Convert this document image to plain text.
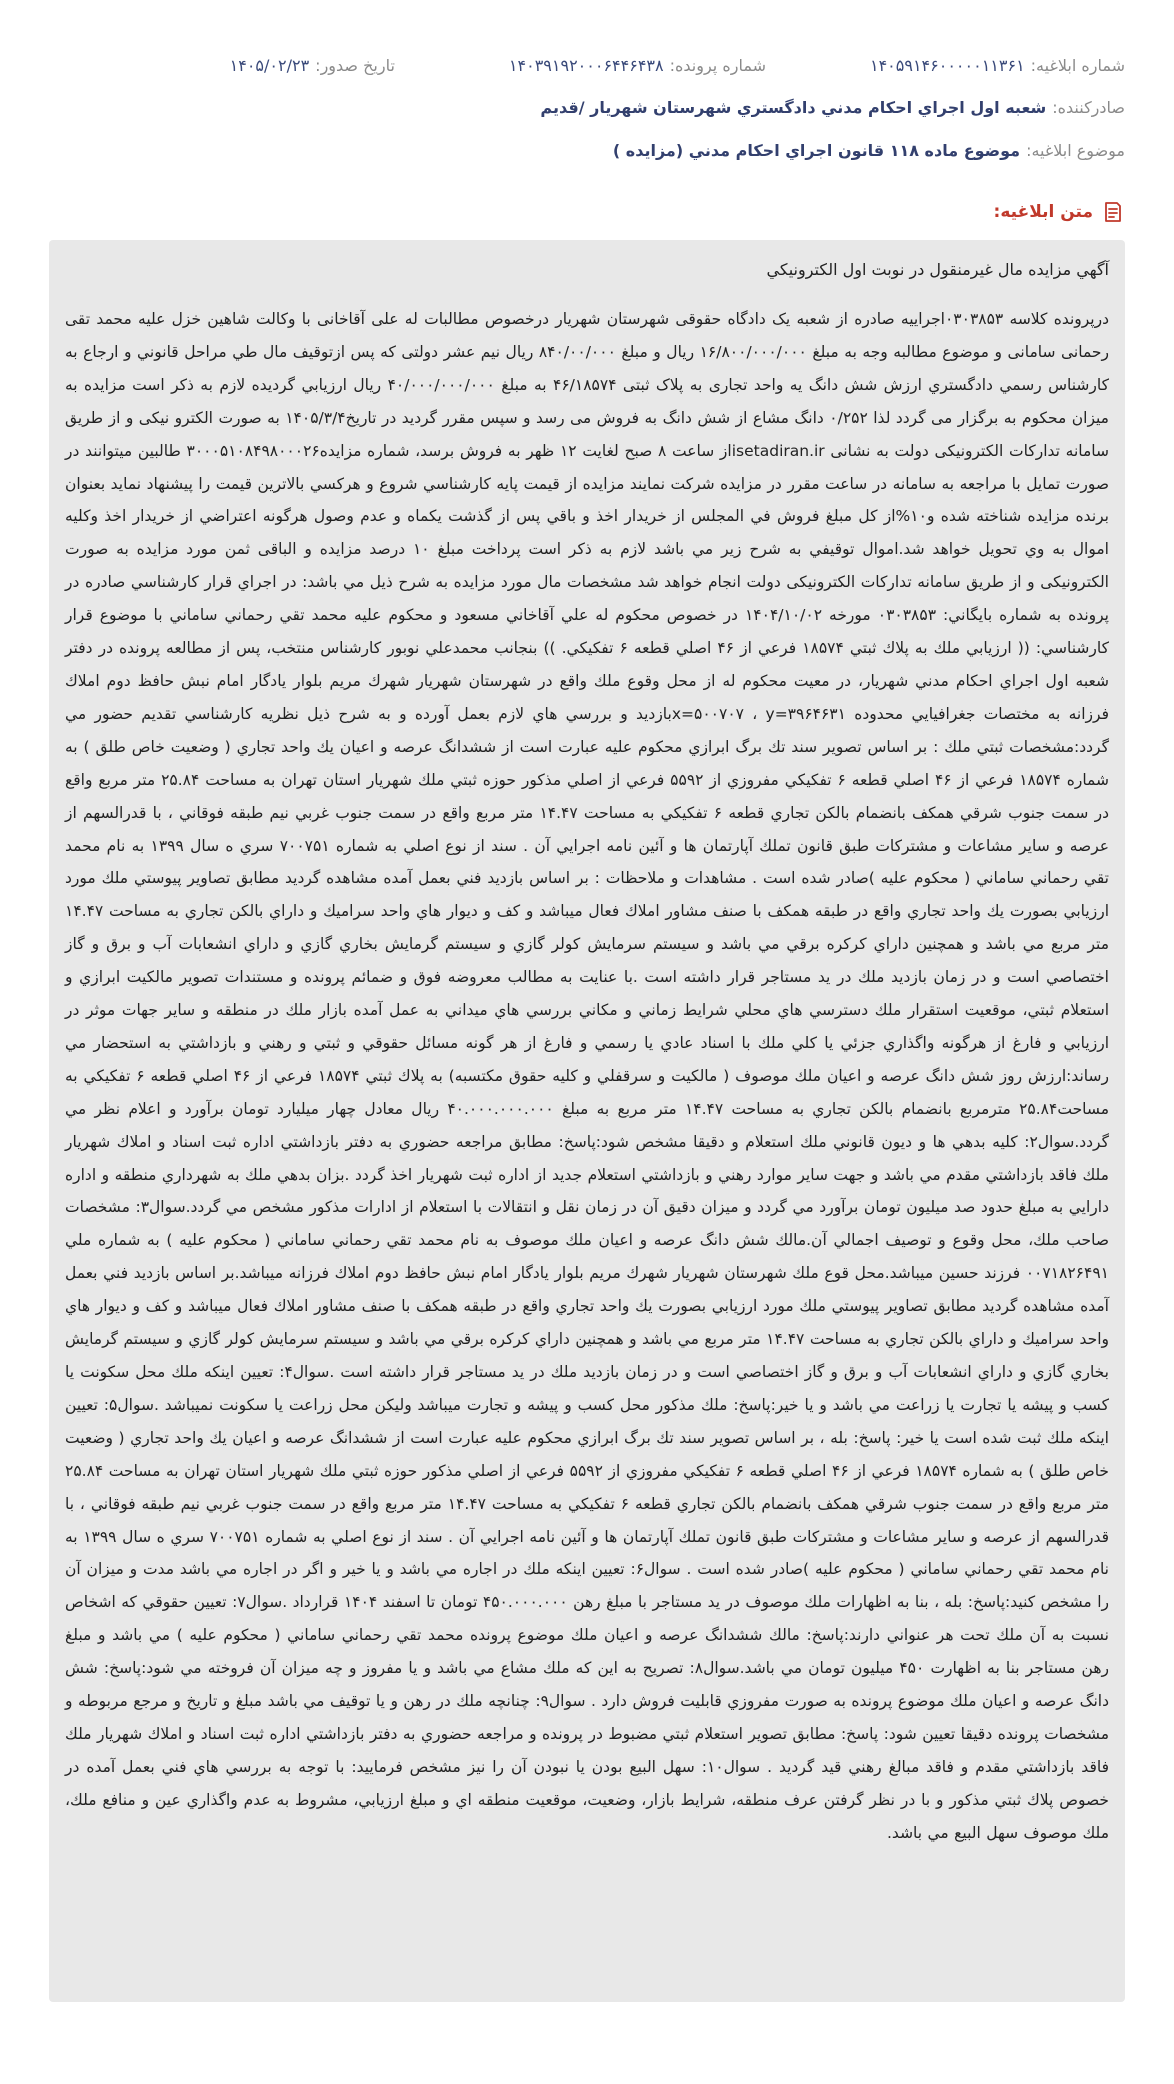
شماره ابلاغیه:
۱۴۰۵۹۱۴۶۰۰۰۰۰۱۱۳۶۱
شماره پرونده:
۱۴۰۳۹۱۹۲۰۰۰۶۴۴۶۴۳۸
تاریخ صدور:
۱۴۰۵/۰۲/۲۳
صادرکننده:
شعبه اول اجراي احكام مدني دادگستري شهرستان شهريار /قديم
موضوع ابلاغیه:
موضوع ماده ۱۱۸ قانون اجراي احكام مدني (مزايده )
متن ابلاغیه:
آگهي مزايده مال غيرمنقول در نوبت اول الكترونيكي
درپرونده كلاسه ۰۳۰۳۸۵۳اجراییه صادره از شعبه یک دادگاه حقوقی شهرستان شهریار درخصوص مطالبات له علی آقاخانی با وکالت شاهین خزل علیه محمد تقی رحمانی سامانی و موضوع مطالبه وجه به مبلغ ۱۶/۸۰۰/۰۰۰/۰۰۰ ریال و مبلغ ۸۴۰/۰۰/۰۰۰ ریال نیم عشر دولتی که پس ازتوقیف مال طي مراحل قانوني و ارجاع به كارشناس رسمي دادگستري ارزش شش دانگ یه واحد تجاری به پلاک ثبتی ۴۶/۱۸۵۷۴ به مبلغ ۴۰/۰۰۰/۰۰۰/۰۰۰ ریال ارزيابي گرديده لازم به ذكر است مزايده به ميزان محكوم به برگزار می گردد لذا ۰/۲۵۲ دانگ مشاع از شش دانگ به فروش می رسد و سپس مقرر گردید در تاریخ۱۴۰۵/۳/۴ به صورت الکترو نیکی و از طریق سامانه تدارکات الکترونیکی دولت به نشانی isetadiran.irاز ساعت ۸ صبح لغایت ۱۲ ظهر به فروش برسد، شماره مزایده۳۰۰۰۵۱۰۸۴۹۸۰۰۰۲۶ طالبین میتوانند در صورت تمایل با مراجعه به سامانه در ساعت مقرر در مزایده شرکت نمایند مزايده از قيمت پايه كارشناسي شروع و هركسي بالاترين قيمت را پيشنهاد نمايد بعنوان برنده مزايده شناخته شده و۱۰%از كل مبلغ فروش في المجلس از خريدار اخذ و باقي پس از گذشت يكماه و عدم وصول هرگونه اعتراضي از خريدار اخذ وكليه اموال به وي تحويل خواهد شد.اموال توقيفي به شرح زير مي باشد لازم به ذکر است پرداخت مبلغ ۱۰ درصد مزایده و الباقی ثمن مورد مزایده به صورت الکترونیکی و از طریق سامانه تدارکات الکترونیکی دولت انجام خواهد شد مشخصات مال مورد مزايده به شرح ذيل مي باشد: در اجراي قرار كارشناسي صادره در پرونده به شماره بايگاني: ۰۳۰۳۸۵۳ مورخه ۱۴۰۴/۱۰/۰۲ در خصوص محكوم له علي آقاخاني مسعود و محكوم عليه محمد تقي رحماني ساماني با موضوع قرار كارشناسي: (( ارزيابي ملك به پلاك ثبتي ۱۸۵۷۴ فرعي از ۴۶ اصلي قطعه ۶ تفكيكي. )) بنجانب محمدعلي نوبور كارشناس منتخب، پس از مطالعه پرونده در دفتر شعبه اول اجراي احكام مدني شهريار، در معيت محكوم له از محل وقوع ملك واقع در شهرستان شهريار شهرك مريم بلوار يادگار امام نبش حافظ دوم املاك فرزانه به مختصات جغرافيايي محدوده x=۵۰۰۷۰۷ ، y=۳۹۶۴۶۳۱بازديد و بررسي هاي لازم بعمل آورده و به شرح ذيل نظريه كارشناسي تقديم حضور مي گردد:مشخصات ثبتي ملك : بر اساس تصوير سند تك برگ ابرازي محكوم عليه عبارت است از ششدانگ عرصه و اعيان يك واحد تجاري ( وضعيت خاص طلق ) به شماره ۱۸۵۷۴ فرعي از ۴۶ اصلي قطعه ۶ تفكيكي مفروزي از ۵۵۹۲ فرعي از اصلي مذكور حوزه ثبتي ملك شهريار استان تهران به مساحت ۲۵.۸۴ متر مربع واقع در سمت جنوب شرقي همكف بانضمام بالكن تجاري قطعه ۶ تفكيكي به مساحت ۱۴.۴۷ متر مربع واقع در سمت جنوب غربي نيم طبقه فوقاني ، با قدرالسهم از عرصه و ساير مشاعات و مشتركات طبق قانون تملك آپارتمان ها و آئين نامه اجرايي آن . سند از نوع اصلي به شماره ۷۰۰۷۵۱ سري ه سال ۱۳۹۹ به نام محمد تقي رحماني ساماني ( محكوم عليه )صادر شده است . مشاهدات و ملاحظات : بر اساس بازديد فني بعمل آمده مشاهده گرديد مطابق تصاوير پيوستي ملك مورد ارزيابي بصورت يك واحد تجاري واقع در طبقه همكف با صنف مشاور املاك فعال ميباشد و كف و ديوار هاي واحد سراميك و داراي بالكن تجاري به مساحت ۱۴.۴۷ متر مربع مي باشد و همچنين داراي كركره برقي مي باشد و سيستم سرمايش كولر گازي و سيستم گرمايش بخاري گازي و داراي انشعابات آب و برق و گاز اختصاصي است و در زمان بازديد ملك در يد مستاجر قرار داشته است .با عنايت به مطالب معروضه فوق و ضمائم پرونده و مستندات تصوير مالكيت ابرازي و استعلام ثبتي، موقعيت استقرار ملك دسترسي هاي محلي شرايط زماني و مكاني بررسي هاي ميداني به عمل آمده بازار ملك در منطقه و ساير جهات موثر در ارزيابي و فارغ از هرگونه واگذاري جزئي يا كلي ملك با اسناد عادي يا رسمي و فارغ از هر گونه مسائل حقوقي و ثبتي و رهني و بازداشتي به استحضار مي رساند:ارزش روز شش دانگ عرصه و اعيان ملك موصوف ( مالكيت و سرقفلي و كليه حقوق مكتسبه) به پلاك ثبتي ۱۸۵۷۴ فرعي از ۴۶ اصلي قطعه ۶ تفكيكي به مساحت۲۵.۸۴ مترمربع بانضمام بالكن تجاري به مساحت ۱۴.۴۷ متر مربع به مبلغ ۴۰.۰۰۰.۰۰۰.۰۰۰ ريال معادل چهار ميليارد تومان برآورد و اعلام نظر مي گردد.سوال۲: كليه بدهي ها و ديون قانوني ملك استعلام و دقيقا مشخص شود:پاسخ: مطابق مراجعه حضوري به دفتر بازداشتي اداره ثبت اسناد و املاك شهريار ملك فاقد بازداشتي مقدم مي باشد و جهت ساير موارد رهني و بازداشتي استعلام جديد از اداره ثبت شهريار اخذ گردد .بزان بدهي ملك به شهرداري منطقه و اداره دارايي به مبلغ حدود صد ميليون تومان برآورد مي گردد و ميزان دقيق آن در زمان نقل و انتقالات با استعلام از ادارات مذكور مشخص مي گردد.سوال۳: مشخصات صاحب ملك، محل وقوع و توصيف اجمالي آن.مالك شش دانگ عرصه و اعيان ملك موصوف به نام محمد تقي رحماني ساماني ( محكوم عليه ) به شماره ملي ۰۰۷۱۸۲۶۴۹۱ فرزند حسين ميباشد.محل قوع ملك شهرستان شهريار شهرك مريم بلوار يادگار امام نبش حافظ دوم املاك فرزانه ميباشد.بر اساس بازديد فني بعمل آمده مشاهده گرديد مطابق تصاوير پيوستي ملك مورد ارزيابي بصورت يك واحد تجاري واقع در طبقه همكف با صنف مشاور املاك فعال ميباشد و كف و ديوار هاي واحد سراميك و داراي بالكن تجاري به مساحت ۱۴.۴۷ متر مربع مي باشد و همچنين داراي كركره برقي مي باشد و سيستم سرمايش كولر گازي و سيستم گرمايش بخاري گازي و داراي انشعابات آب و برق و گاز اختصاصي است و در زمان بازديد ملك در يد مستاجر قرار داشته است .سوال۴: تعيين اينكه ملك محل سكونت يا كسب و پيشه يا تجارت يا زراعت مي باشد و يا خير:پاسخ: ملك مذكور محل كسب و پيشه و تجارت ميباشد وليكن محل زراعت يا سكونت نميباشد .سوال۵: تعيين اينكه ملك ثبت شده است يا خير: پاسخ: بله ، بر اساس تصوير سند تك برگ ابرازي محكوم عليه عبارت است از ششدانگ عرصه و اعيان يك واحد تجاري ( وضعيت خاص طلق ) به شماره ۱۸۵۷۴ فرعي از ۴۶ اصلي قطعه ۶ تفكيكي مفروزي از ۵۵۹۲ فرعي از اصلي مذكور حوزه ثبتي ملك شهريار استان تهران به مساحت ۲۵.۸۴ متر مربع واقع در سمت جنوب شرقي همكف بانضمام بالكن تجاري قطعه ۶ تفكيكي به مساحت ۱۴.۴۷ متر مربع واقع در سمت جنوب غربي نيم طبقه فوقاني ، با قدرالسهم از عرصه و ساير مشاعات و مشتركات طبق قانون تملك آپارتمان ها و آئين نامه اجرايي آن . سند از نوع اصلي به شماره ۷۰۰۷۵۱ سري ه سال ۱۳۹۹ به نام محمد تقي رحماني ساماني ( محكوم عليه )صادر شده است . سوال۶: تعيين اينكه ملك در اجاره مي باشد و يا خير و اگر در اجاره مي باشد مدت و ميزان آن را مشخص كنيد:پاسخ: بله ، بنا به اظهارات ملك موصوف در يد مستاجر با مبلغ رهن ۴۵۰.۰۰۰.۰۰۰ تومان تا اسفند ۱۴۰۴ قرارداد .سوال۷: تعيين حقوقي كه اشخاص نسبت به آن ملك تحت هر عنواني دارند:پاسخ: مالك ششدانگ عرصه و اعيان ملك موضوع پرونده محمد تقي رحماني ساماني ( محكوم عليه ) مي باشد و مبلغ رهن مستاجر بنا به اظهارت ۴۵۰ ميليون تومان مي باشد.سوال۸: تصريح به اين كه ملك مشاع مي باشد و يا مفروز و چه ميزان آن فروخته مي شود:پاسخ: شش دانگ عرصه و اعيان ملك موضوع پرونده به صورت مفروزي قابليت فروش دارد . سوال۹: چنانچه ملك در رهن و يا توقيف مي باشد مبلغ و تاريخ و مرجع مربوطه و مشخصات پرونده دقيقا تعيين شود: پاسخ: مطابق تصوير استعلام ثبتي مضبوط در پرونده و مراجعه حضوري به دفتر بازداشتي اداره ثبت اسناد و املاك شهريار ملك فاقد بازداشتي مقدم و فاقد مبالغ رهني قيد گرديد . سوال۱۰: سهل البيع بودن يا نبودن آن را نيز مشخص فرماييد: با توجه به بررسي هاي فني بعمل آمده در خصوص پلاك ثبتي مذكور و با در نظر گرفتن عرف منطقه، شرايط بازار، وضعيت، موقعيت منطقه اي و مبلغ ارزيابي، مشروط به عدم واگذاري عين و منافع ملك، ملك موصوف سهل البيع مي باشد.
